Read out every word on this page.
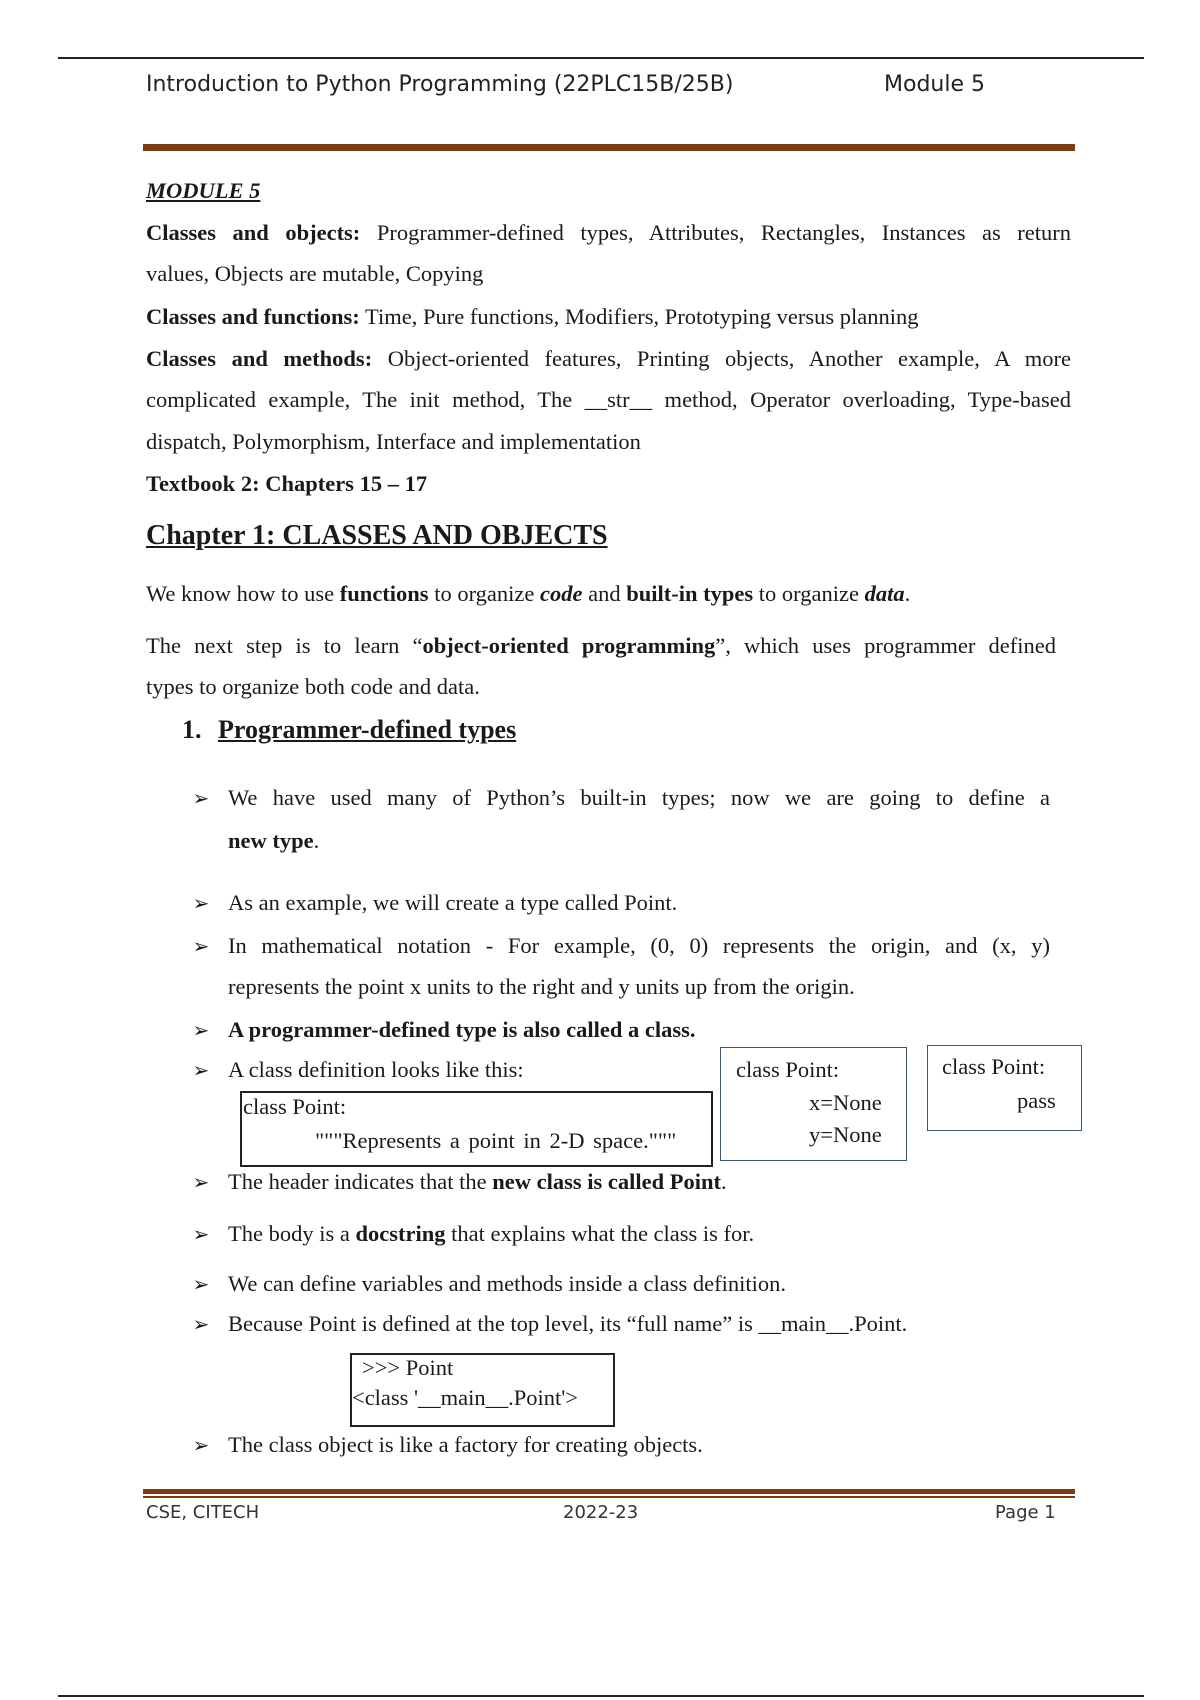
Introduction to Python Programming (22PLC15B/25B)	Module 5
MODULE 5
Classes and objects: Programmer-defined types, Attributes, Rectangles, Instances as return
values, Objects are mutable, Copying
Classes and functions: Time, Pure functions, Modifiers, Prototyping versus planning
Classes and methods: Object-oriented features, Printing objects, Another example, A more
complicated example, The init method, The __str__ method, Operator overloading, Type-based
dispatch, Polymorphism, Interface and implementation
Textbook 2: Chapters 15 – 17
Chapter 1: CLASSES AND OBJECTS
We know how to use functions to organize code and built-in types to organize data.
The next step is to learn “object-oriented programming”, which uses programmer defined
types to organize both code and data.
1. Programmer-defined types
➢ We have used many of Python’s built-in types; now we are going to define a
new type.
➢ As an example, we will create a type called Point.
➢ In mathematical notation - For example, (0, 0) represents the origin, and (x, y)
represents the point x units to the right and y units up from the origin.
➢ A programmer-defined type is also called a class.
➢ A class definition looks like this:
class Point:
"""Represents a point in 2-D space."""
class Point:
x=None
y=None
class Point:
pass
➢ The header indicates that the new class is called Point.
➢ The body is a docstring that explains what the class is for.
➢ We can define variables and methods inside a class definition.
➢ Because Point is defined at the top level, its “full name” is __main__.Point.
>>> Point
<class '__main__.Point'>
➢ The class object is like a factory for creating objects.
CSE, CITECH	2022-23	Page 1
